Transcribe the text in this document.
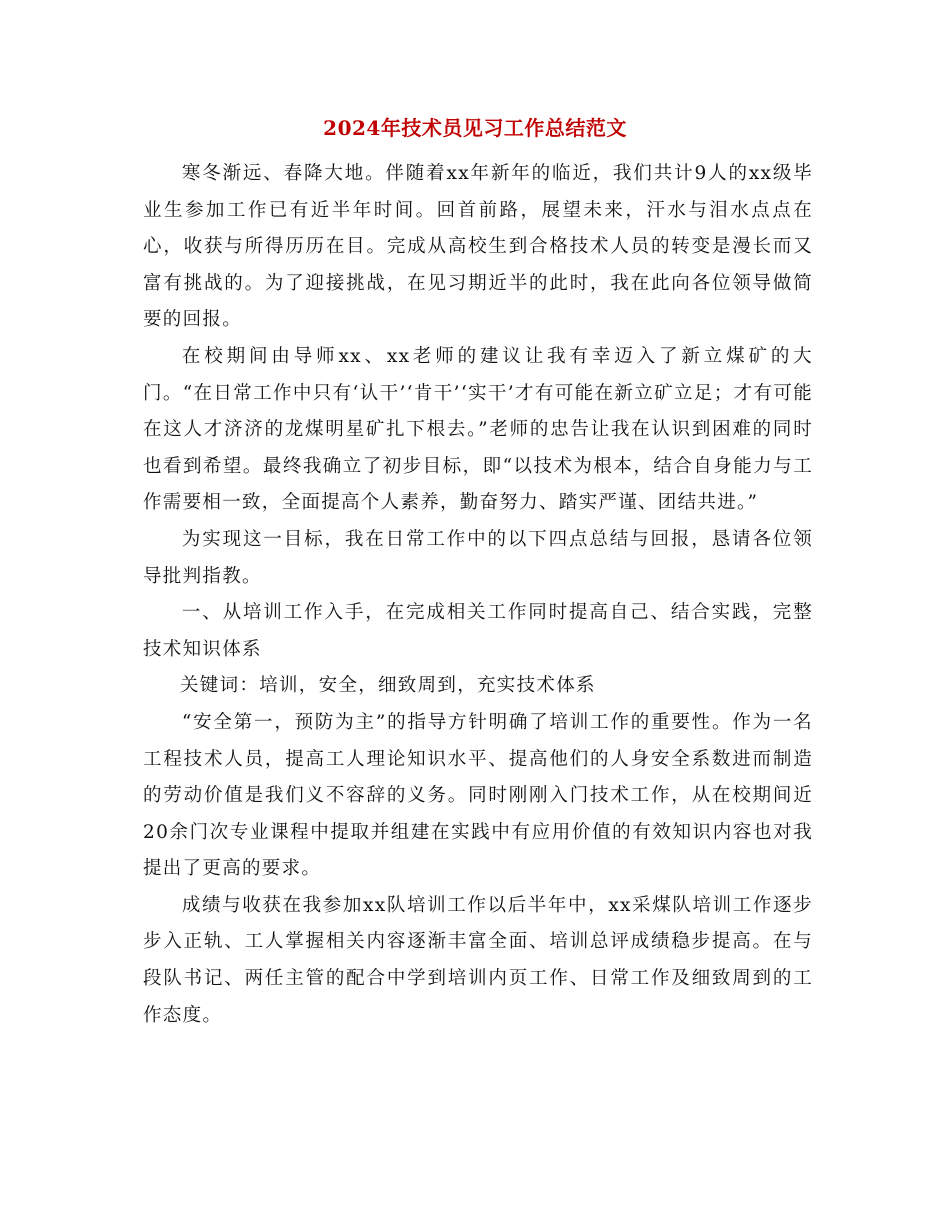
2024年技术员见习工作总结范文

寒冬渐远、春降大地。伴随着xx年新年的临近，我们共计9人的xx级毕业生参加工作已有近半年时间。回首前路，展望未来，汗水与泪水点点在心，收获与所得历历在目。完成从高校生到合格技术人员的转变是漫长而又富有挑战的。为了迎接挑战，在见习期近半的此时，我在此向各位领导做简要的回报。

在校期间由导师xx、xx老师的建议让我有幸迈入了新立煤矿的大门。“在日常工作中只有‘认干’‘肯干’‘实干’才有可能在新立矿立足；才有可能在这人才济济的龙煤明星矿扎下根去。”老师的忠告让我在认识到困难的同时也看到希望。最终我确立了初步目标，即“以技术为根本，结合自身能力与工作需要相一致，全面提高个人素养，勤奋努力、踏实严谨、团结共进。”

为实现这一目标，我在日常工作中的以下四点总结与回报，恳请各位领导批判指教。

一、从培训工作入手，在完成相关工作同时提高自己、结合实践，完整技术知识体系

关键词：培训，安全，细致周到，充实技术体系

“安全第一，预防为主”的指导方针明确了培训工作的重要性。作为一名工程技术人员，提高工人理论知识水平、提高他们的人身安全系数进而制造的劳动价值是我们义不容辞的义务。同时刚刚入门技术工作，从在校期间近20余门次专业课程中提取并组建在实践中有应用价值的有效知识内容也对我提出了更高的要求。

成绩与收获在我参加xx队培训工作以后半年中，xx采煤队培训工作逐步步入正轨、工人掌握相关内容逐渐丰富全面、培训总评成绩稳步提高。在与段队书记、两任主管的配合中学到培训内页工作、日常工作及细致周到的工作态度。
